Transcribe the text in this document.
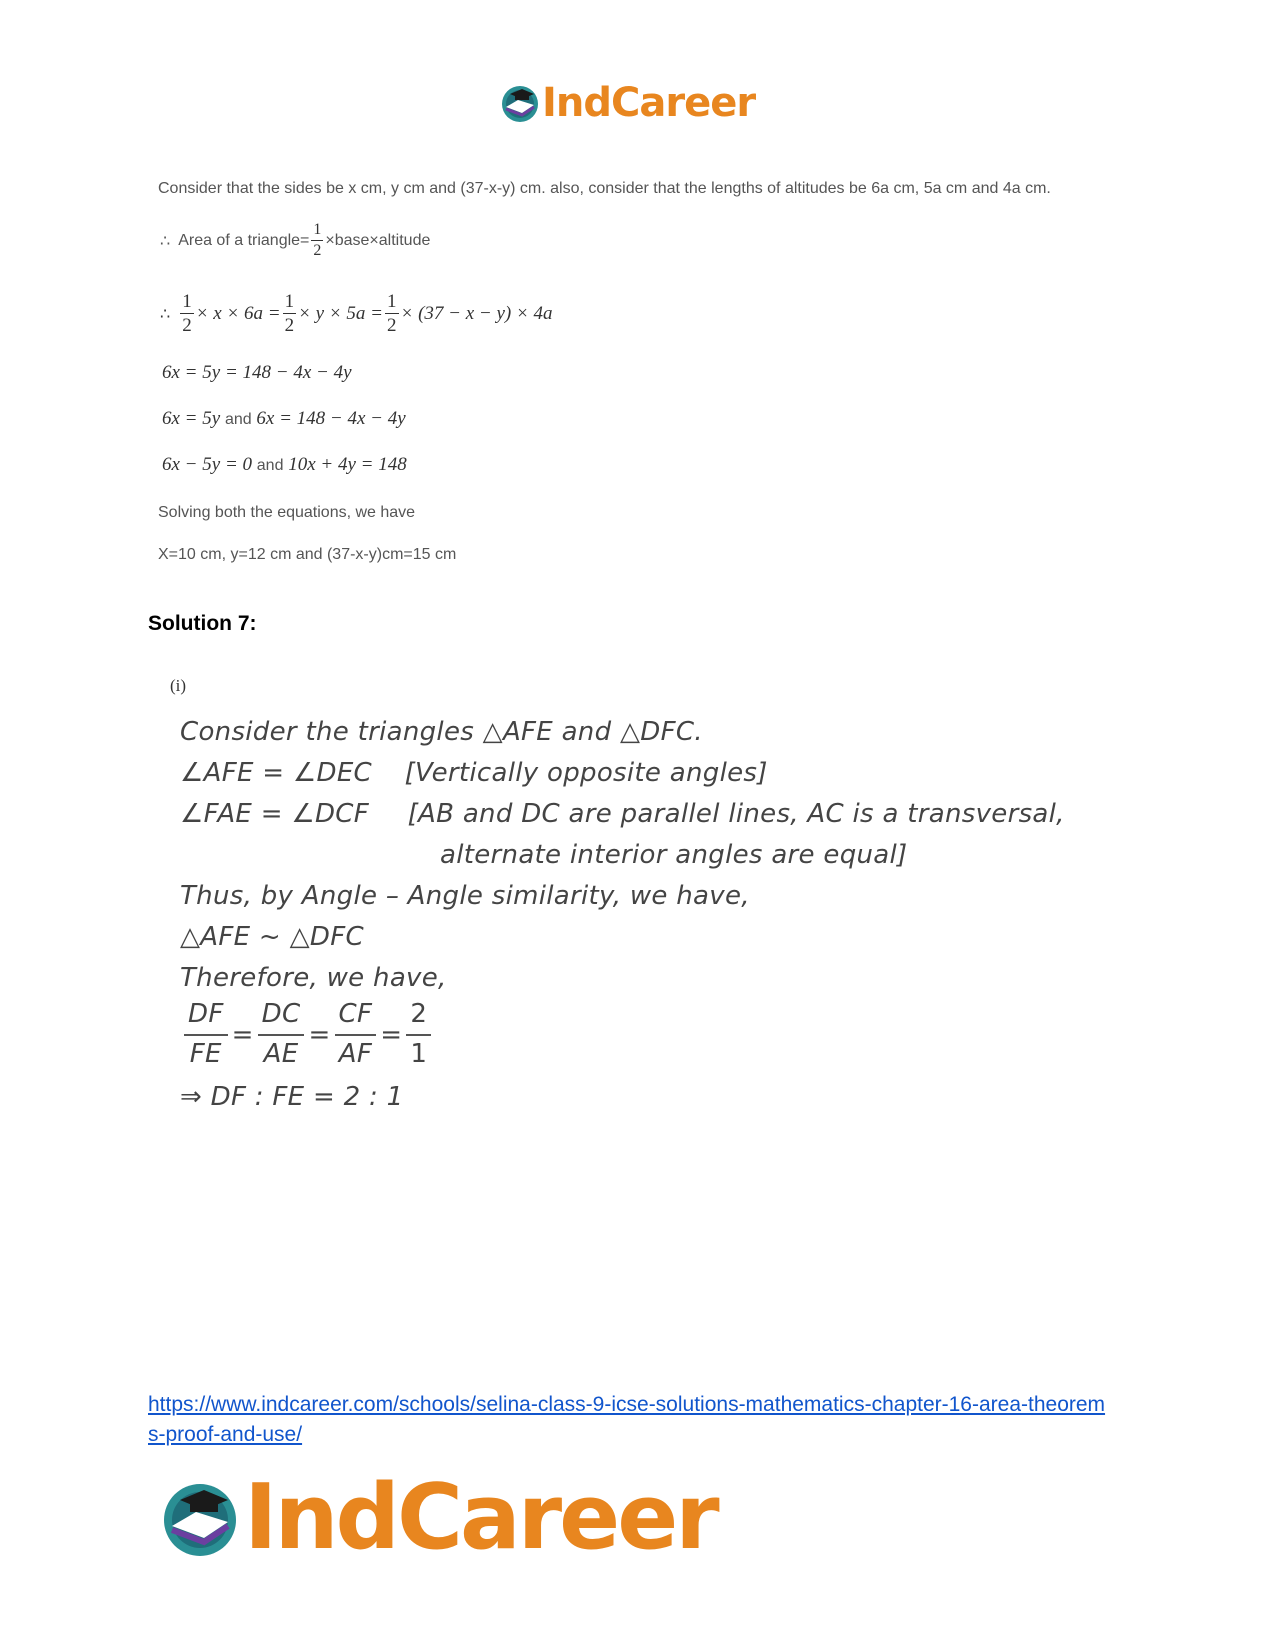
IndCareer
Consider that the sides be x cm, y cm and (37-x-y) cm. also, consider that the lengths of altitudes be 6a cm, 5a cm and 4a cm.
∴ Area of a triangle= $\frac{1}{2}$ ×base×altitude
∴ $\frac{1}{2} \times x \times 6a = \frac{1}{2} \times y \times 5a = \frac{1}{2} \times (37 - x - y) \times 4a$
6x = 5y = 148 − 4x − 4y
6x = 5y and 6x = 148 − 4x − 4y
6x − 5y = 0 and 10x + 4y = 148
Solving both the equations, we have
X=10 cm, y=12 cm and (37-x-y)cm=15 cm
Solution 7:
(i)
Consider the triangles △AFE and △DFC.
∠AFE = ∠DEC [Vertically opposite angles]
∠FAE = ∠DCF [AB and DC are parallel lines, AC is a transversal,
alternate interior angles are equal]
Thus, by Angle – Angle similarity, we have,
△AFE ~ △DFC
Therefore, we have,
$\frac{DF}{FE} = \frac{DC}{AE} = \frac{CF}{AF} = \frac{2}{1}$
⇒ DF : FE = 2 : 1
https://www.indcareer.com/schools/selina-class-9-icse-solutions-mathematics-chapter-16-area-theorems-proof-and-use/
IndCareer
